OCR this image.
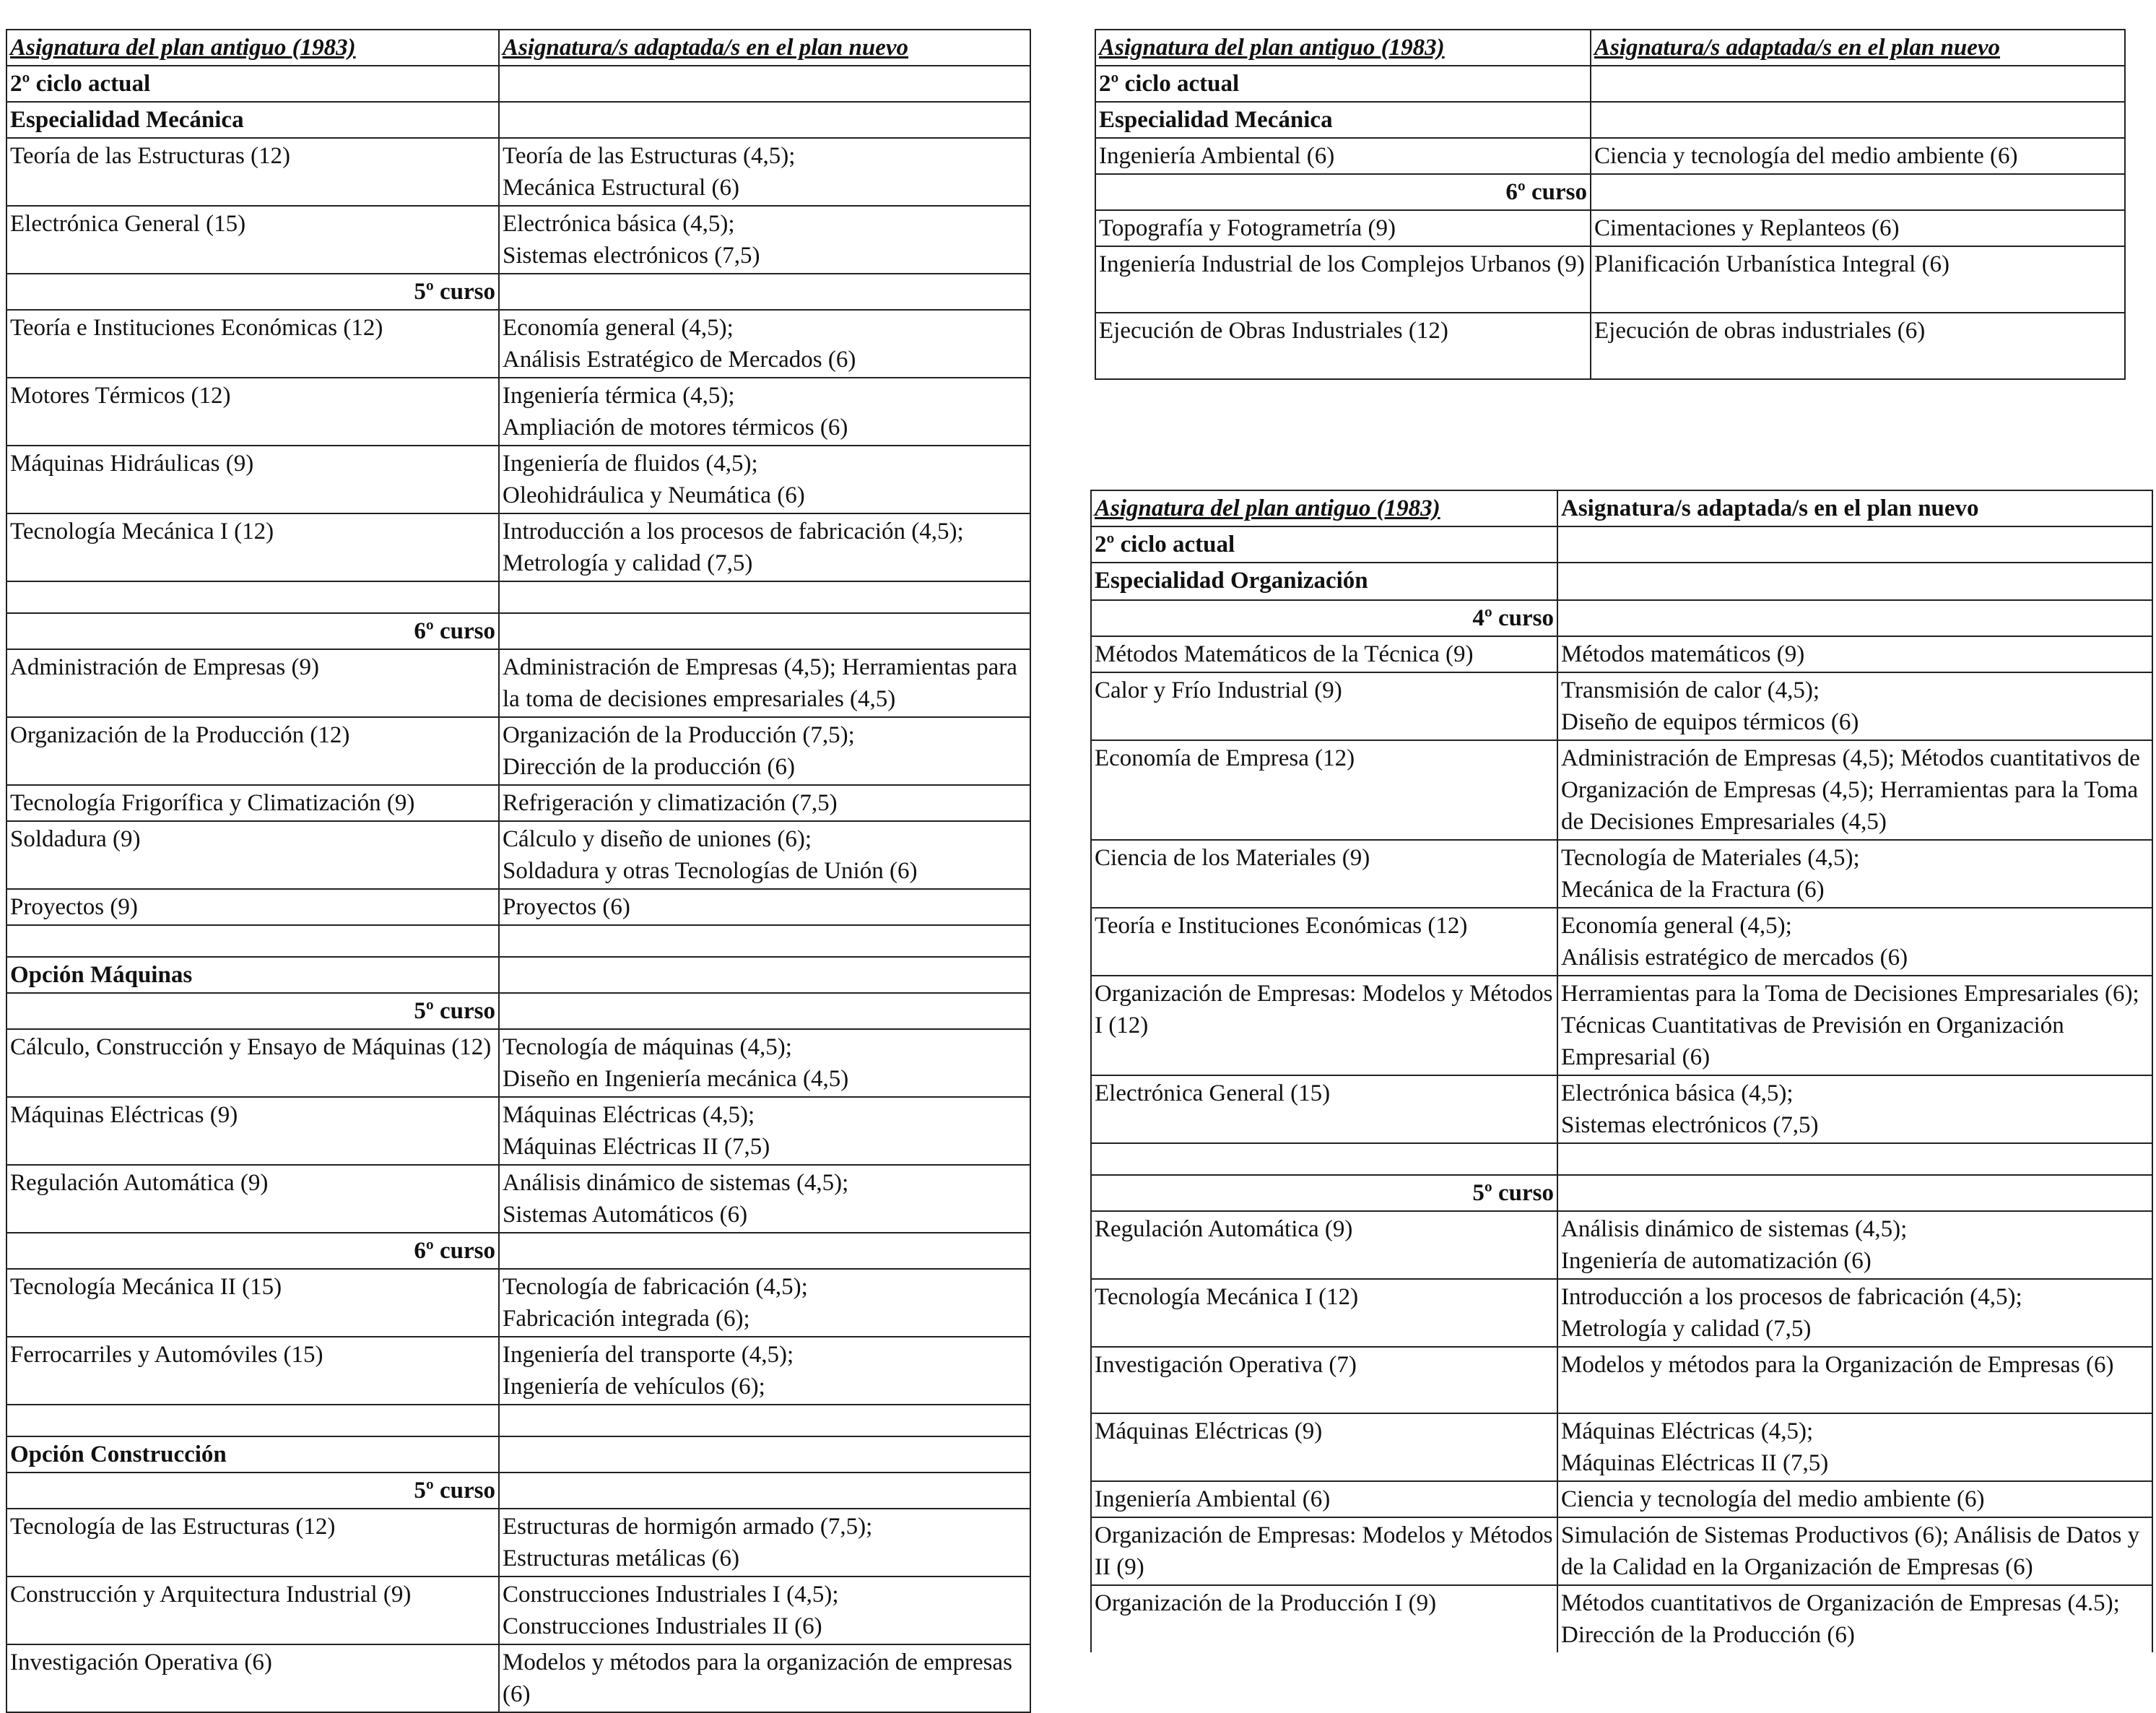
Asignatura del plan antiguo (1983)	Asignatura/s adaptada/s en el plan nuevo
2º ciclo actual	
Especialidad Mecánica	
Teoría de las Estructuras (12)	Teoría de las Estructuras (4,5);
Mecánica Estructural (6)
Electrónica General (15)	Electrónica básica (4,5);
Sistemas electrónicos (7,5)
5º curso	
Teoría e Instituciones Económicas (12)	Economía general (4,5);
Análisis Estratégico de Mercados (6)
Motores Térmicos (12)	Ingeniería térmica (4,5);
Ampliación de motores térmicos (6)
Máquinas Hidráulicas (9)	Ingeniería de fluidos (4,5);
Oleohidráulica y Neumática (6)
Tecnología Mecánica I (12)	Introducción a los procesos de fabricación (4,5);
Metrología y calidad (7,5)

6º curso	
Administración de Empresas (9)	Administración de Empresas (4,5); Herramientas para la toma de decisiones empresariales (4,5)
Organización de la Producción (12)	Organización de la Producción (7,5);
Dirección de la producción (6)
Tecnología Frigorífica y Climatización (9)	Refrigeración y climatización (7,5)
Soldadura (9)	Cálculo y diseño de uniones (6);
Soldadura y otras Tecnologías de Unión (6)
Proyectos (9)	Proyectos (6)

Opción Máquinas	
5º curso	
Cálculo, Construcción y Ensayo de Máquinas (12)	Tecnología de máquinas (4,5);
Diseño en Ingeniería mecánica (4,5)
Máquinas Eléctricas (9)	Máquinas Eléctricas (4,5);
Máquinas Eléctricas II (7,5)
Regulación Automática (9)	Análisis dinámico de sistemas (4,5);
Sistemas Automáticos (6)
6º curso	
Tecnología Mecánica II (15)	Tecnología de fabricación (4,5);
Fabricación integrada (6);
Ferrocarriles y Automóviles (15)	Ingeniería del transporte (4,5);
Ingeniería de vehículos (6);

Opción Construcción	
5º curso	
Tecnología de las Estructuras (12)	Estructuras de hormigón armado (7,5);
Estructuras metálicas (6)
Construcción y Arquitectura Industrial (9)	Construcciones Industriales I (4,5);
Construcciones Industriales II (6)
Investigación Operativa (6)	Modelos y métodos para la organización de empresas (6)
Asignatura del plan antiguo (1983)	Asignatura/s adaptada/s en el plan nuevo
2º ciclo actual	
Especialidad Mecánica	
Ingeniería Ambiental (6)	Ciencia y tecnología del medio ambiente (6)
6º curso	
Topografía y Fotogrametría (9)	Cimentaciones y Replanteos (6)
Ingeniería Industrial de los Complejos Urbanos (9)	Planificación Urbanística Integral (6)
Ejecución de Obras Industriales (12)	Ejecución de obras industriales (6)
Asignatura del plan antiguo (1983)	Asignatura/s adaptada/s en el plan nuevo
2º ciclo actual	
Especialidad Organización	
4º curso	
Métodos Matemáticos de la Técnica (9)	Métodos matemáticos (9)
Calor y Frío Industrial (9)	Transmisión de calor (4,5);
Diseño de equipos térmicos (6)
Economía de Empresa (12)	Administración de Empresas (4,5); Métodos cuantitativos de Organización de Empresas (4,5); Herramientas para la Toma de Decisiones Empresariales (4,5)
Ciencia de los Materiales (9)	Tecnología de Materiales (4,5);
Mecánica de la Fractura (6)
Teoría e Instituciones Económicas (12)	Economía general (4,5);
Análisis estratégico de mercados (6)
Organización de Empresas: Modelos y Métodos I (12)	Herramientas para la Toma de Decisiones Empresariales (6); Técnicas Cuantitativas de Previsión en Organización Empresarial (6)
Electrónica General (15)	Electrónica básica (4,5);
Sistemas electrónicos (7,5)

5º curso	
Regulación Automática (9)	Análisis dinámico de sistemas (4,5);
Ingeniería de automatización (6)
Tecnología Mecánica I (12)	Introducción a los procesos de fabricación (4,5);
Metrología y calidad (7,5)
Investigación Operativa (7)	Modelos y métodos para la Organización de Empresas (6)
Máquinas Eléctricas (9)	Máquinas Eléctricas (4,5);
Máquinas Eléctricas II (7,5)
Ingeniería Ambiental (6)	Ciencia y tecnología del medio ambiente (6)
Organización de Empresas: Modelos y Métodos II (9)	Simulación de Sistemas Productivos (6); Análisis de Datos y de la Calidad en la Organización de Empresas (6)
Organización de la Producción I (9)	Métodos cuantitativos de Organización de Empresas (4.5); Dirección de la Producción (6)
